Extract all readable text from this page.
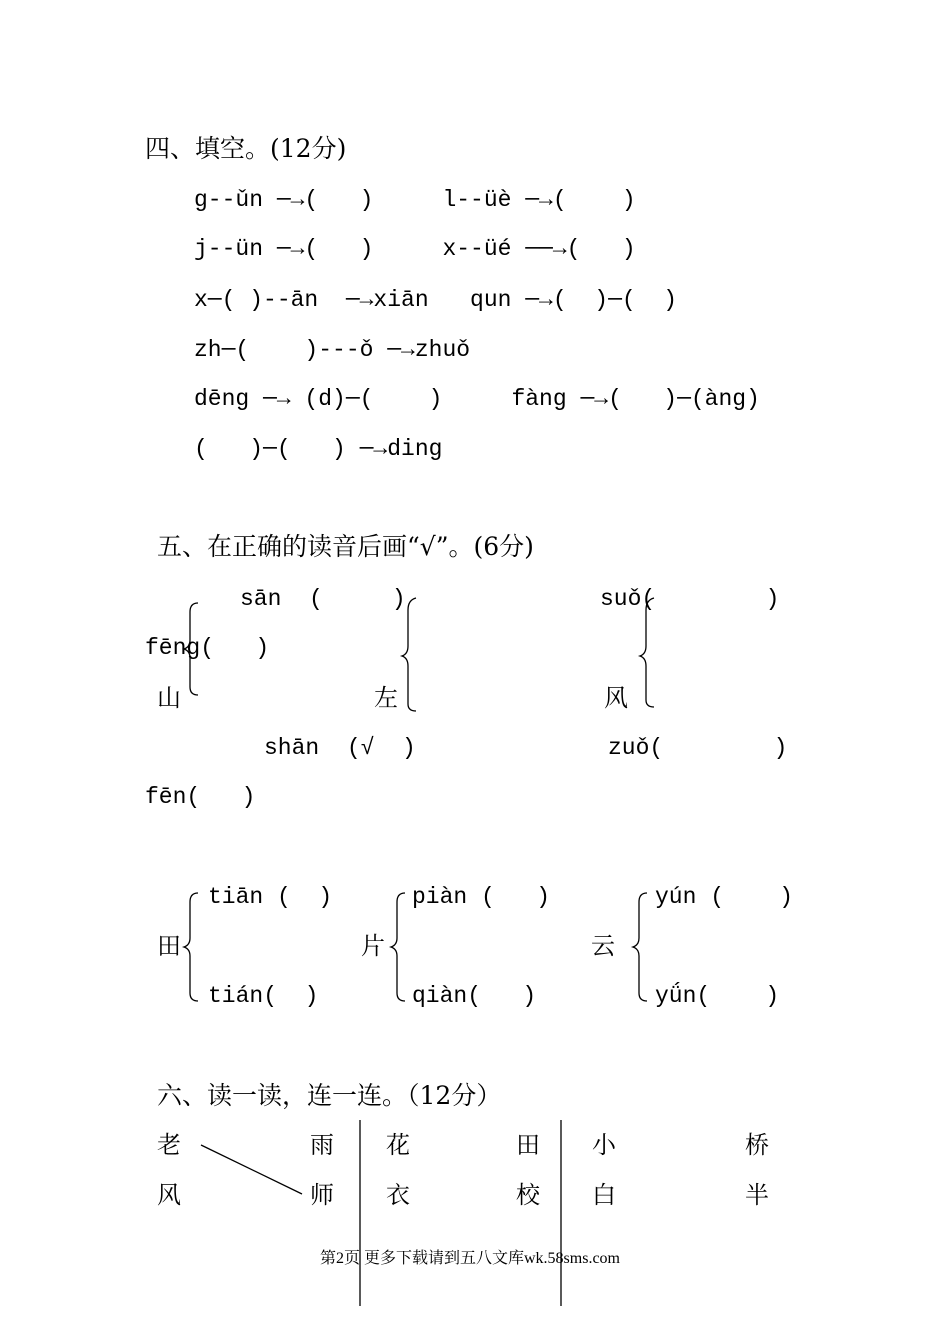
四、填空。(12分)
g--ǔn ─→(   )     l--üè ─→(    )
j--ün ─→(   )     x--üé ──→(   )
x─( )--ān  ─→xiān   qun ─→(  )─(  )
zh─(    )---ǒ ─→zhuǒ
dēng ─→ (d)─(    )     fàng ─→(   )─(àng)
(   )─(   ) ─→ding
五、在正确的读音后画“√”。(6分)
sān  (     )	suǒ(        )
fēng(   )
山	左	风
shān  (√  )	zuǒ(        )
fēn(   )
tiān (  )	piàn (   )	yún (    )
田	片	云
tián(  )	qiàn(   )	yǘn(    )
六、读一读，连一连。（12分）
老	雨 花	田 小	桥
风	师 衣	校 白	半
第2页 更多下载请到五八文库wk.58sms.com
